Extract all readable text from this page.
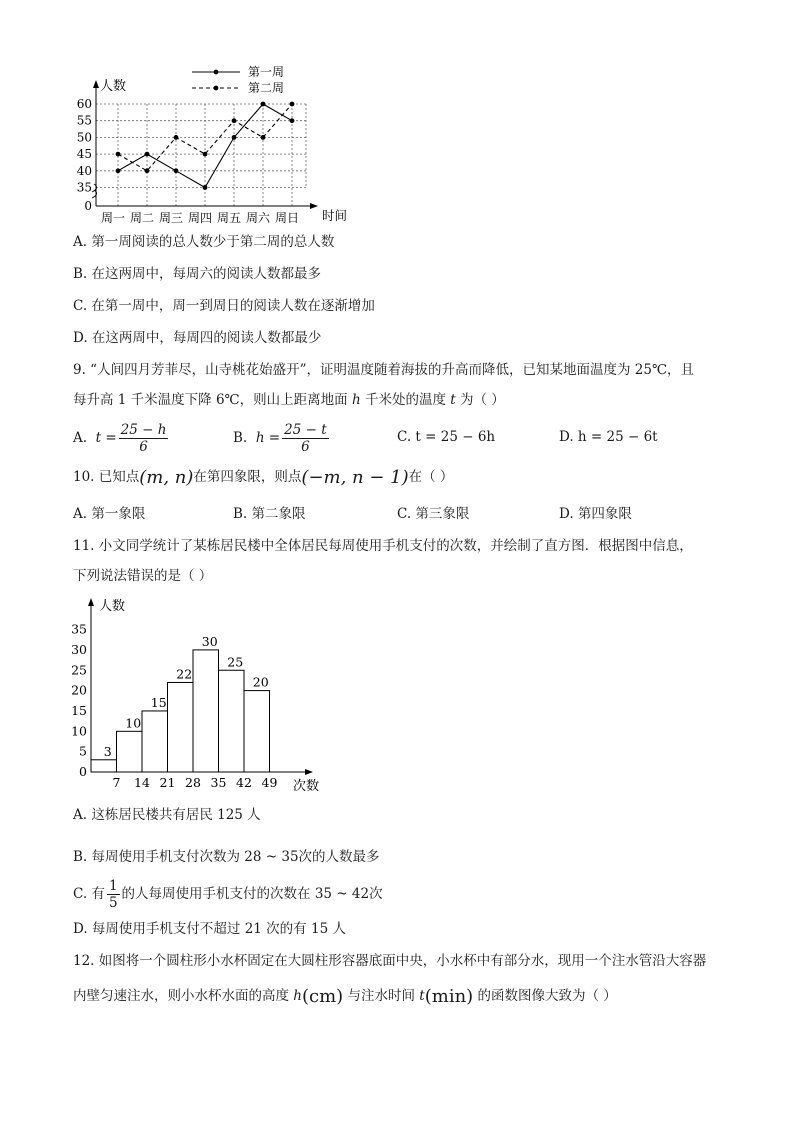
60
55
50
45
40
35
0
周一 周二 周三 周四 周五 周六 周日
第一周
第二周
人数
时间
A. 第一周阅读的总人数少于第二周的总人数
B. 在这两周中，每周六的阅读人数都最多
C. 在第一周中，周一到周日的阅读人数在逐渐增加
D. 在这两周中，每周四的阅读人数都最少
9. “人间四月芳菲尽，山寺桃花始盛开”，证明温度随着海拔的升高而降低，已知某地面温度为 25℃，且
每升高 1 千米温度下降 6℃，则山上距离地面 h 千米处的温度 t 为（ ）
A.
$t = \frac{25 - h}{6}$	B.
$h = \frac{25 - t}{6}$	C. t = 25 − 6h	D. h = 25 − 6t
10. 已知点(m, n)在第四象限，则点(−m, n − 1)在（ ）
A. 第一象限	B. 第二象限	C. 第三象限	D. 第四象限
11. 小文同学统计了某栋居民楼中全体居民每周使用手机支付的次数，并绘制了直方图．根据图中信息，
下列说法错误的是（ ）
35
30
25
20
15
10
5
0
7 14 21 28 35 42 49
3
10
15
22
30
25
20
人数
次数
A. 这栋居民楼共有居民 125 人
B. 每周使用手机支付次数为 28 ~ 35次的人数最多
C. 有 $\frac{1}{5}$ 的人每周使用手机支付的次数在 35 ~ 42次
D. 每周使用手机支付不超过 21 次的有 15 人
12. 如图将一个圆柱形小水杯固定在大圆柱形容器底面中央，小水杯中有部分水，现用一个注水管沿大容器
内壁匀速注水，则小水杯水面的高度 h(cm) 与注水时间 t(min) 的函数图像大致为（ ）
